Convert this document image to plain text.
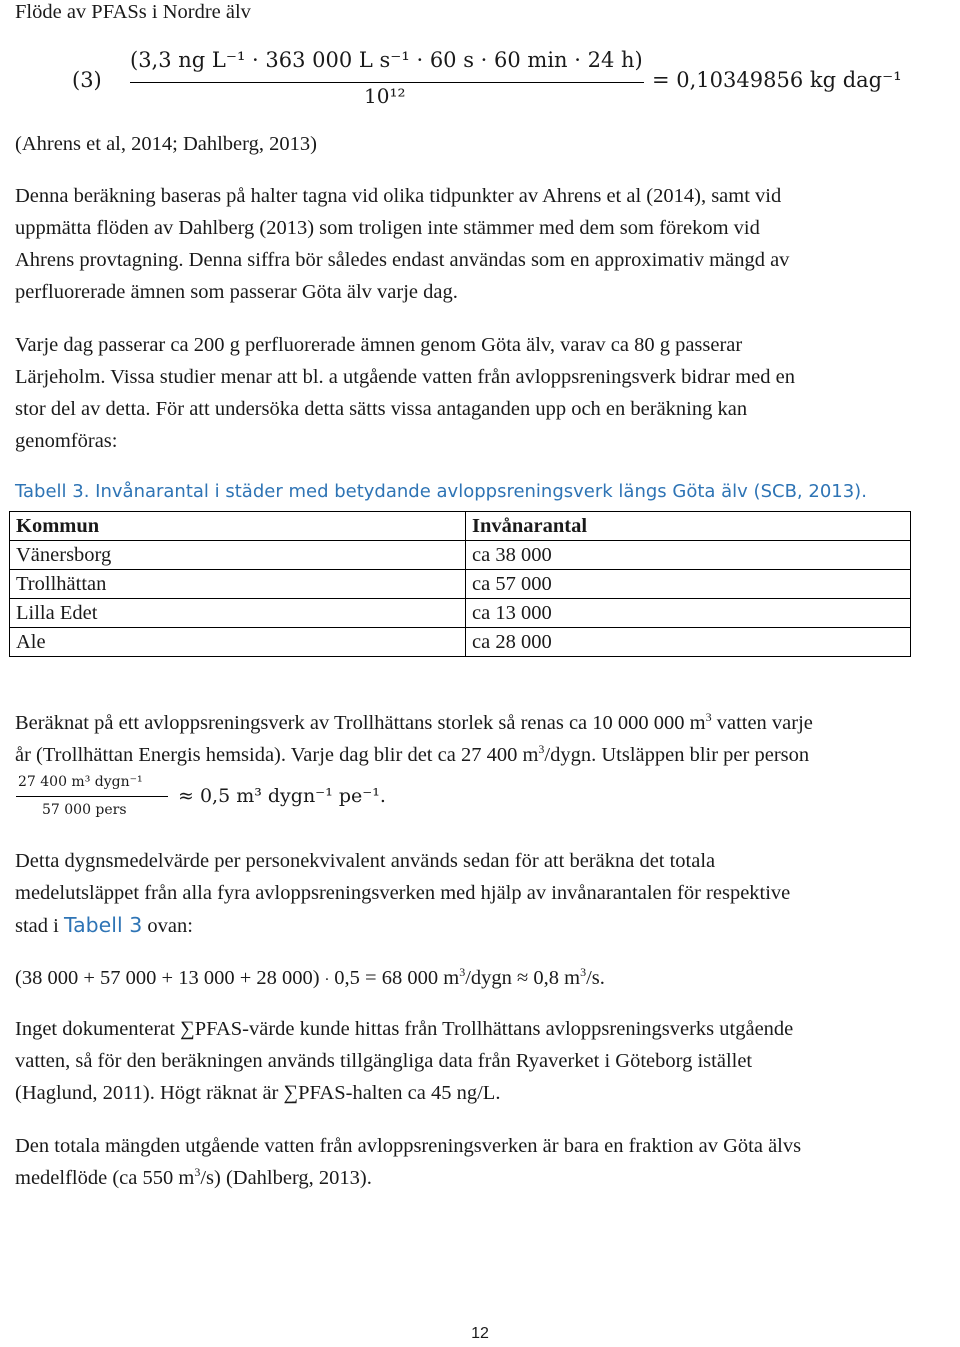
Flöde av PFASs i Nordre älv
(3)
(3,3 ng L⁻¹ · 363 000 L s⁻¹ · 60 s · 60 min · 24 h)
10¹²
= 0,10349856 kg dag⁻¹
(Ahrens et al, 2014; Dahlberg, 2013)
Denna beräkning baseras på halter tagna vid olika tidpunkter av Ahrens et al (2014), samt vid
uppmätta flöden av Dahlberg (2013) som troligen inte stämmer med dem som förekom vid
Ahrens provtagning. Denna siffra bör således endast användas som en approximativ mängd av
perfluorerade ämnen som passerar Göta älv varje dag.
Varje dag passerar ca 200 g perfluorerade ämnen genom Göta älv, varav ca 80 g passerar
Lärjeholm. Vissa studier menar att bl. a utgående vatten från avloppsreningsverk bidrar med en
stor del av detta. För att undersöka detta sätts vissa antaganden upp och en beräkning kan
genomföras:
Tabell 3. Invånarantal i städer med betydande avloppsreningsverk längs Göta älv (SCB, 2013).
Kommun	Invånarantal
Vänersborg	ca 38 000
Trollhättan	ca 57 000
Lilla Edet	ca 13 000
Ale	ca 28 000
Beräknat på ett avloppsreningsverk av Trollhättans storlek så renas ca 10 000 000 $m^3$ vatten varje
år (Trollhättan Energis hemsida). Varje dag blir det ca 27 400 $m^3$/dygn. Utsläppen blir per person
27 400 m³ dygn⁻¹
57 000 pers
≈ 0,5 m³ dygn⁻¹ pe⁻¹.
Detta dygnsmedelvärde per personekvivalent används sedan för att beräkna det totala
medelutsläppet från alla fyra avloppsreningsverken med hjälp av invånarantalen för respektive
stad i Tabell 3 ovan:
(38 000 + 57 000 + 13 000 + 28 000) · 0,5 = 68 000 $m^3$/dygn ≈ 0,8 $m^3/s$.
Inget dokumenterat ∑PFAS-värde kunde hittas från Trollhättans avloppsreningsverks utgående
vatten, så för den beräkningen används tillgängliga data från Ryaverket i Göteborg istället
(Haglund, 2011). Högt räknat är ∑PFAS-halten ca 45 ng/L.
Den totala mängden utgående vatten från avloppsreningsverken är bara en fraktion av Göta älvs
medelflöde (ca 550 $m^3/s$) (Dahlberg, 2013).
12
